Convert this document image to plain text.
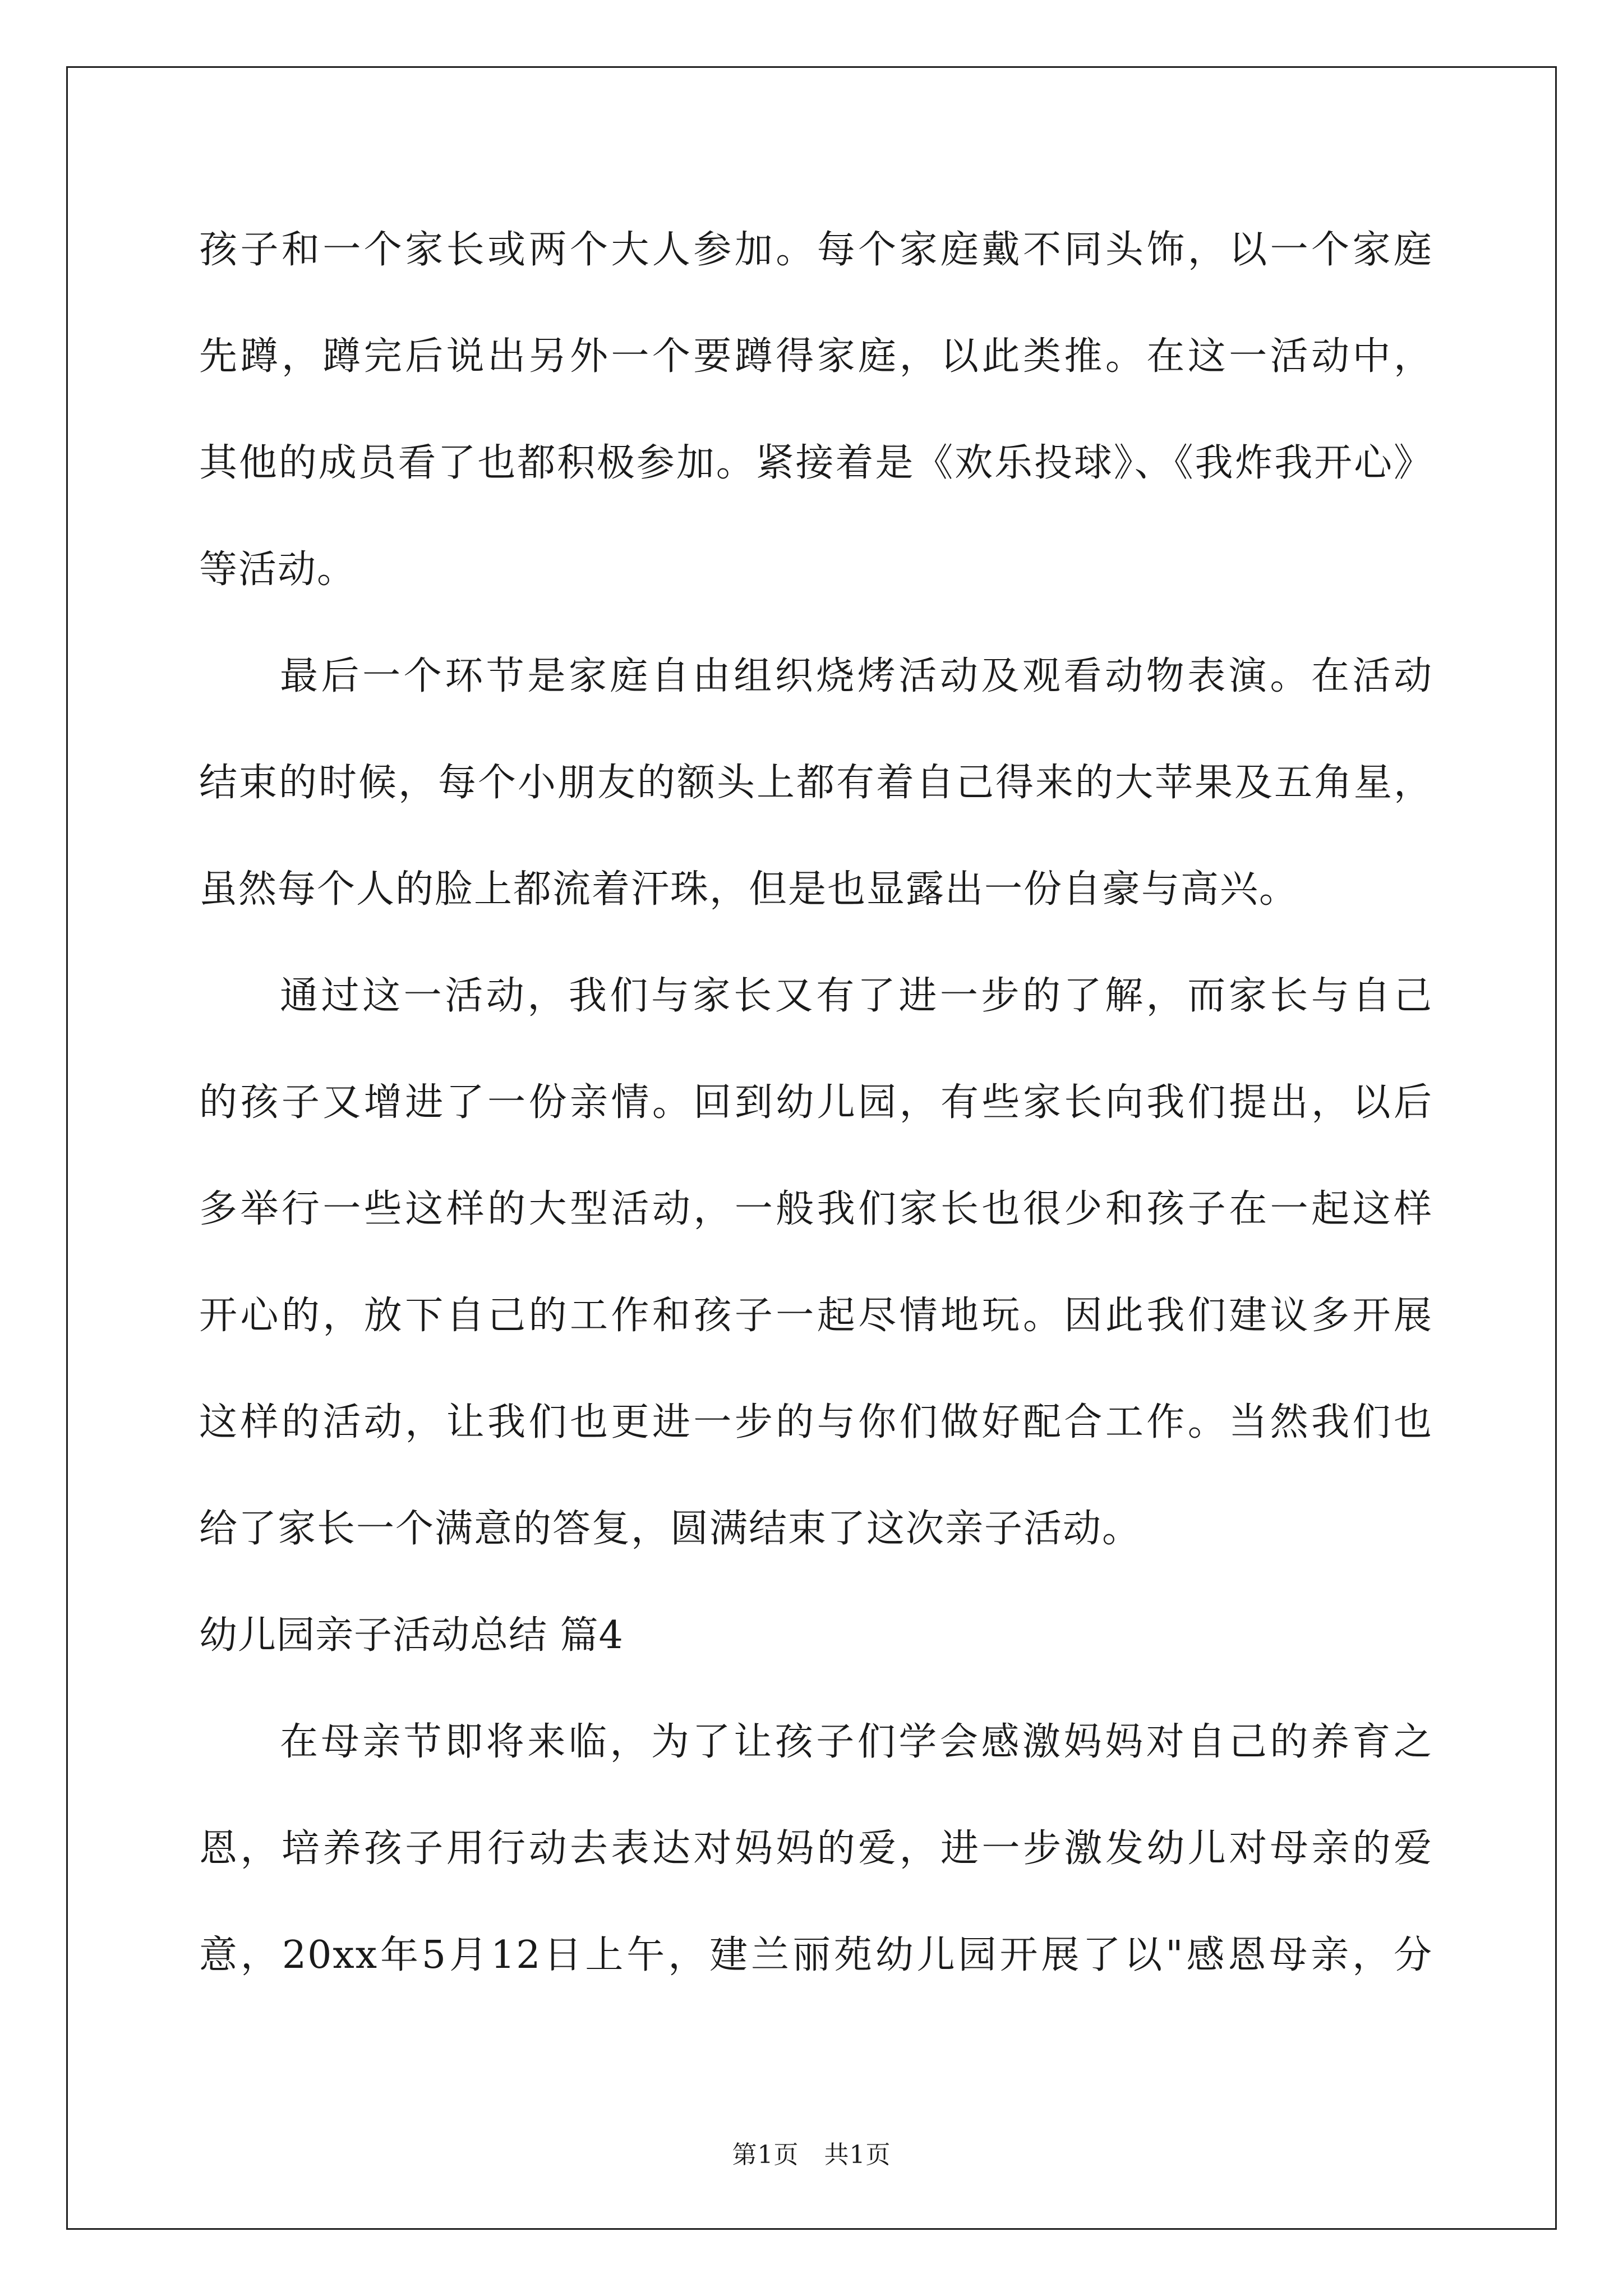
孩子和一个家长或两个大人参加。每个家庭戴不同头饰，以一个家庭
先蹲，蹲完后说出另外一个要蹲得家庭，以此类推。在这一活动中，
其他的成员看了也都积极参加。紧接着是《欢乐投球》、《我炸我开心》
等活动。
最后一个环节是家庭自由组织烧烤活动及观看动物表演。在活动
结束的时候，每个小朋友的额头上都有着自己得来的大苹果及五角星，
虽然每个人的脸上都流着汗珠，但是也显露出一份自豪与高兴。
通过这一活动，我们与家长又有了进一步的了解，而家长与自己
的孩子又增进了一份亲情。回到幼儿园，有些家长向我们提出，以后
多举行一些这样的大型活动，一般我们家长也很少和孩子在一起这样
开心的，放下自己的工作和孩子一起尽情地玩。因此我们建议多开展
这样的活动，让我们也更进一步的与你们做好配合工作。当然我们也
给了家长一个满意的答复，圆满结束了这次亲子活动。
幼儿园亲子活动总结 篇4
在母亲节即将来临，为了让孩子们学会感激妈妈对自己的养育之
恩，培养孩子用行动去表达对妈妈的爱，进一步激发幼儿对母亲的爱
意，20xx年5月12日上午，建兰丽苑幼儿园开展了以"感恩母亲，分
第1页   共1页
